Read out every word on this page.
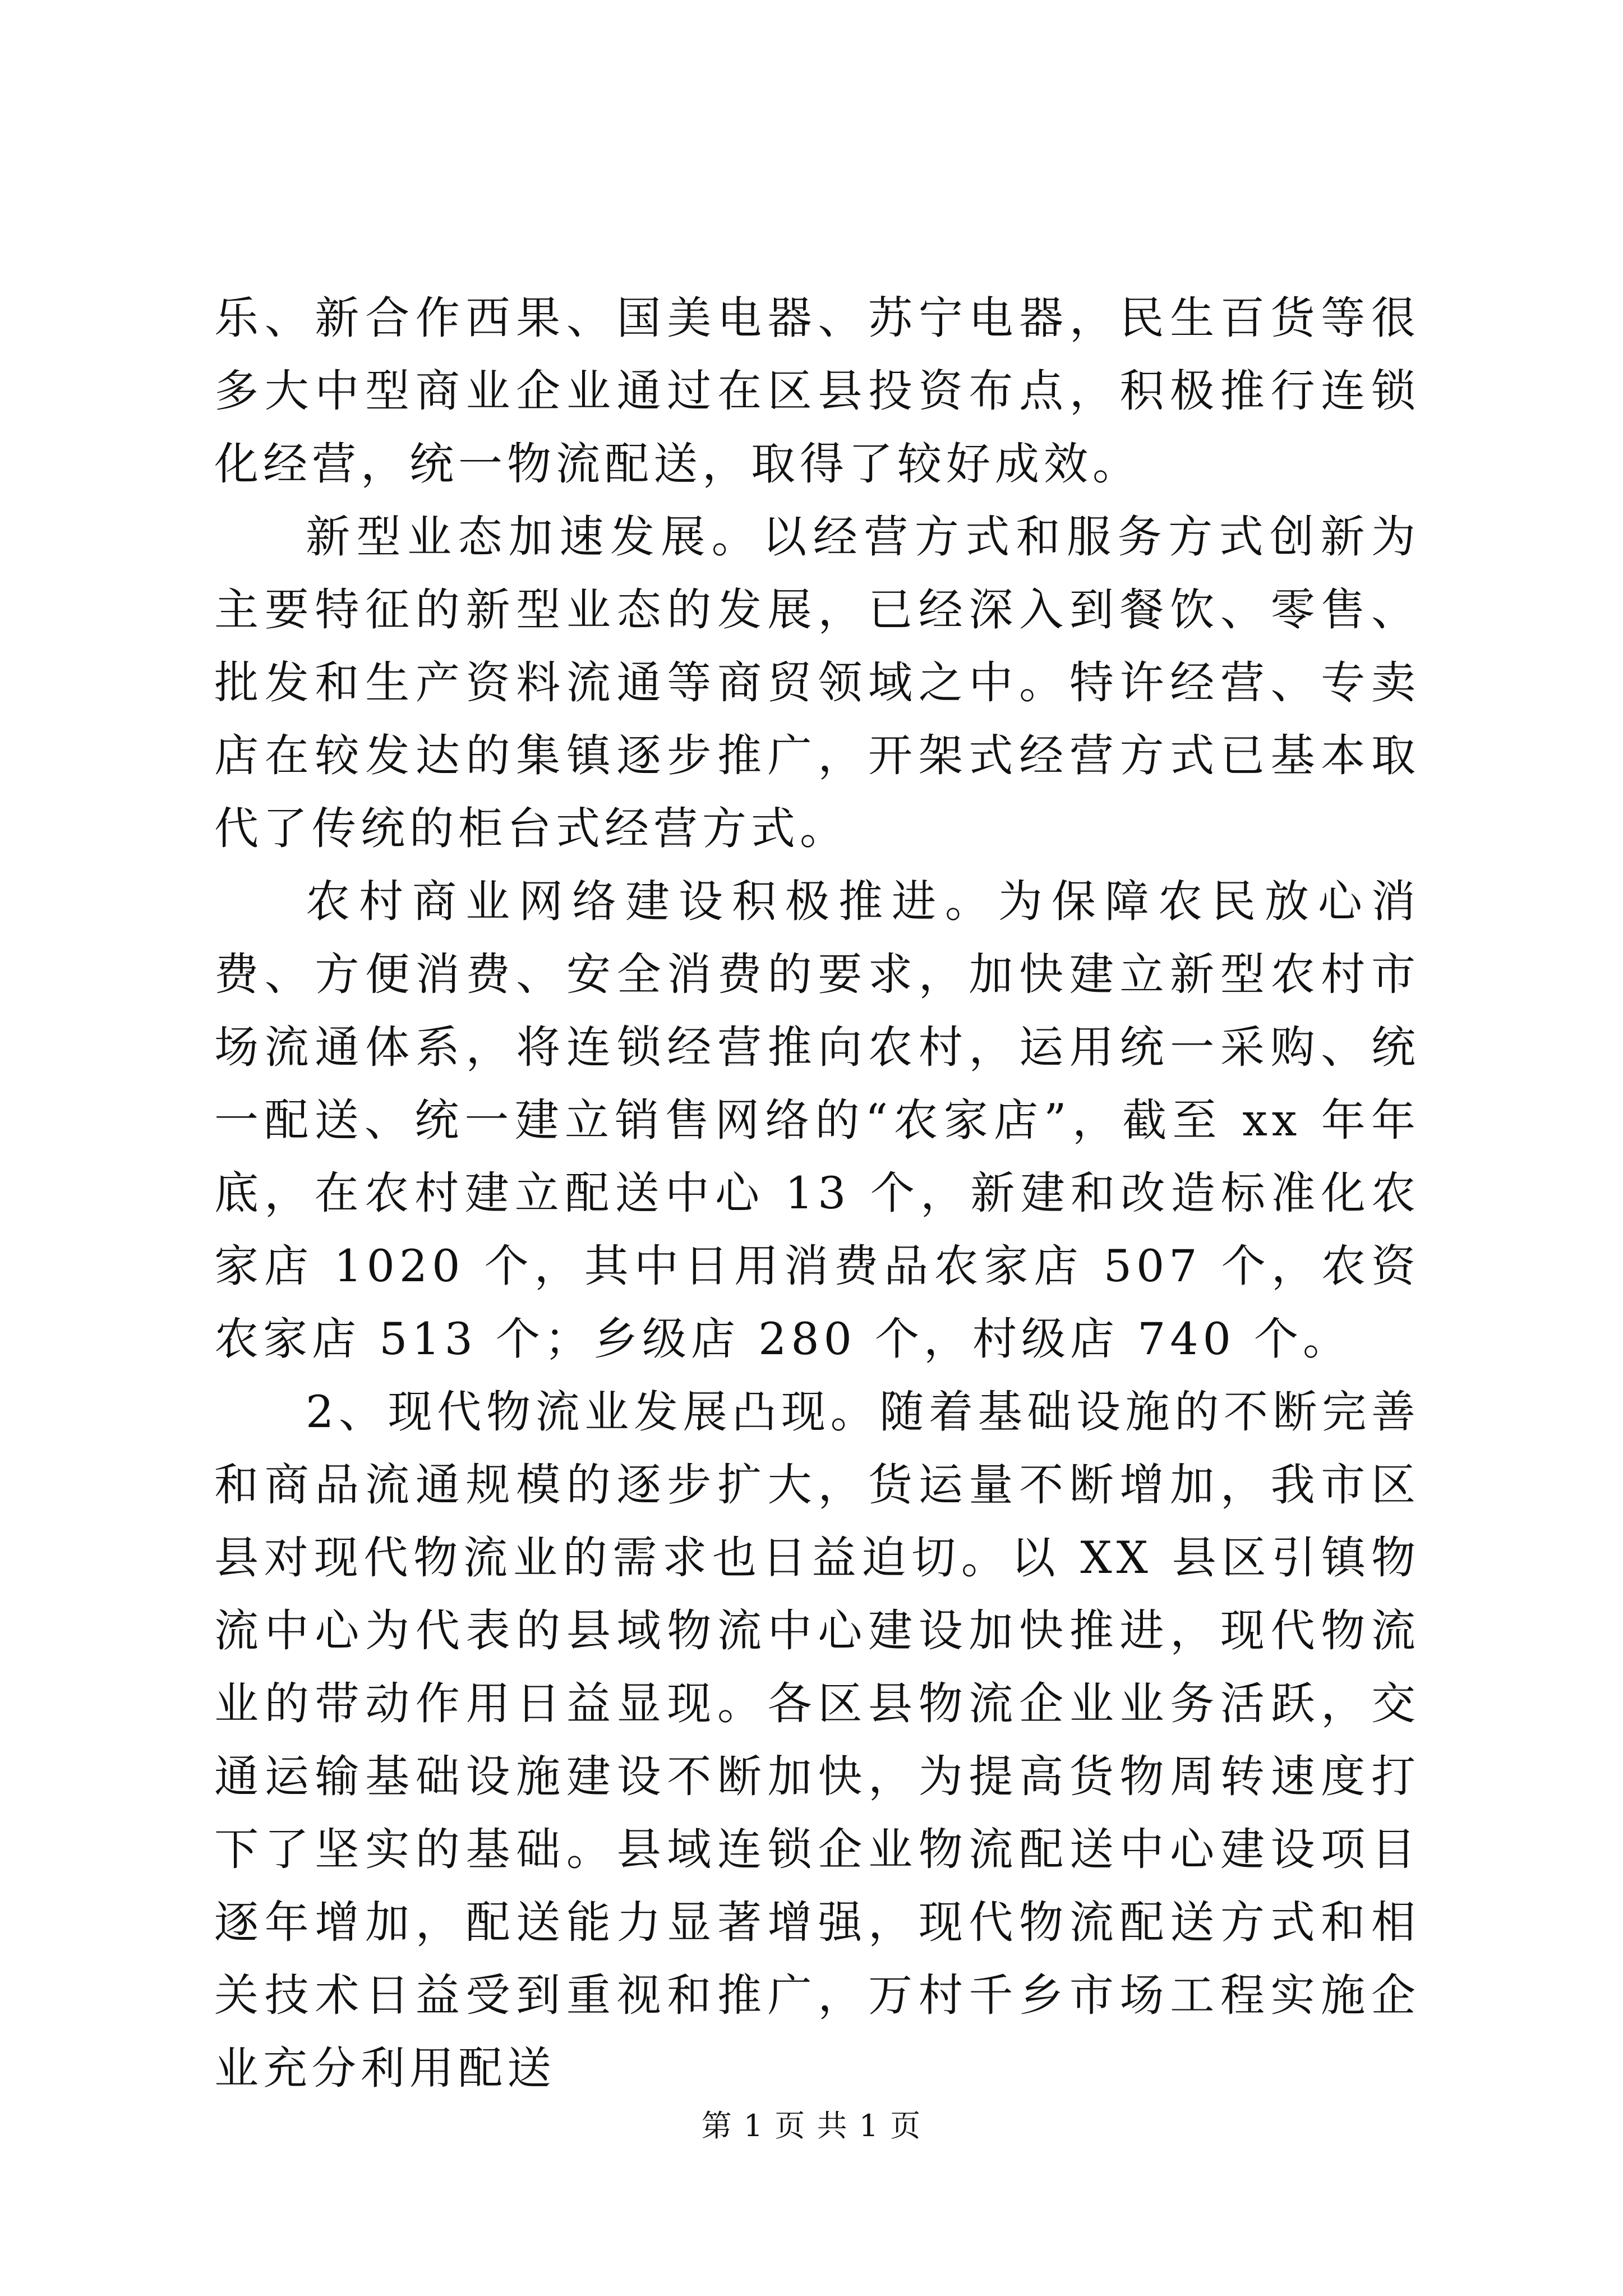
乐、新合作西果、国美电器、苏宁电器，民生百货等很多大中型商业企业通过在区县投资布点，积极推行连锁化经营，统一物流配送，取得了较好成效。

新型业态加速发展。以经营方式和服务方式创新为主要特征的新型业态的发展，已经深入到餐饮、零售、批发和生产资料流通等商贸领域之中。特许经营、专卖店在较发达的集镇逐步推广，开架式经营方式已基本取代了传统的柜台式经营方式。

农村商业网络建设积极推进。为保障农民放心消费、方便消费、安全消费的要求，加快建立新型农村市场流通体系，将连锁经营推向农村，运用统一采购、统一配送、统一建立销售网络的“农家店”，截至 xx 年年底，在农村建立配送中心 13 个，新建和改造标准化农家店 1020 个，其中日用消费品农家店 507 个，农资农家店 513 个；乡级店 280 个，村级店 740 个。

2、现代物流业发展凸现。随着基础设施的不断完善和商品流通规模的逐步扩大，货运量不断增加，我市区县对现代物流业的需求也日益迫切。以 XX 县区引镇物流中心为代表的县域物流中心建设加快推进，现代物流业的带动作用日益显现。各区县物流企业业务活跃，交通运输基础设施建设不断加快，为提高货物周转速度打下了坚实的基础。县域连锁企业物流配送中心建设项目逐年增加，配送能力显著增强，现代物流配送方式和相关技术日益受到重视和推广，万村千乡市场工程实施企业充分利用配送

第 1 页 共 1 页
